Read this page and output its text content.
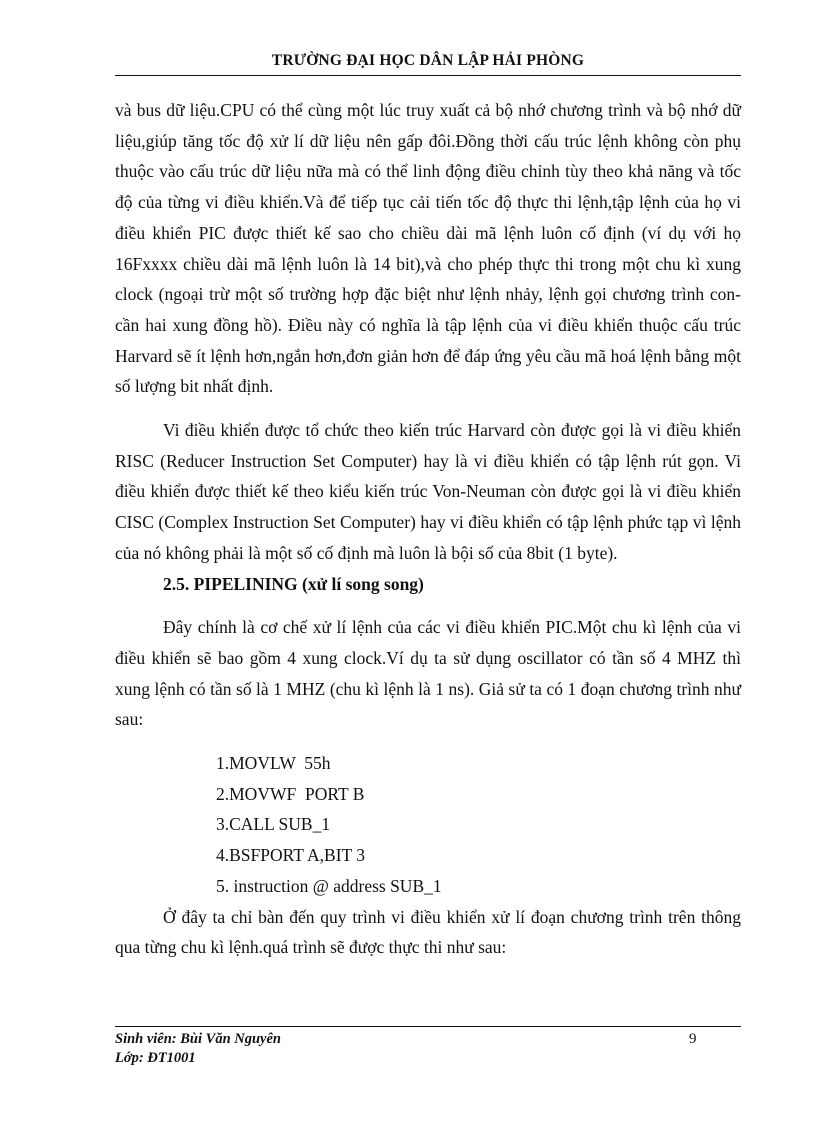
TRƯỜNG ĐẠI HỌC DÂN LẬP HẢI PHÒNG

và bus dữ liệu.CPU có thể cùng một lúc truy xuất cả bộ nhớ chương trình và bộ nhớ dữ liệu,giúp tăng tốc độ xử lí dữ liệu nên gấp đôi.Đồng thời cấu trúc lệnh không còn phụ thuộc vào cấu trúc dữ liệu nữa mà có thể linh động điều chỉnh tùy theo khả năng và tốc độ của từng vi điều khiển.Và để tiếp tục cải tiến tốc độ thực thi lệnh,tập lệnh của họ vi điều khiển PIC được thiết kế sao cho chiều dài mã lệnh luôn cố định (ví dụ với họ 16Fxxxx chiều dài mã lệnh luôn là 14 bit),và cho phép thực thi trong một chu kì xung clock (ngoại trừ một số trường hợp đặc biệt như lệnh nhảy, lệnh gọi chương trình con-cần hai xung đồng hồ). Điều này có nghĩa là tập lệnh của vi điều khiển thuộc cấu trúc Harvard sẽ ít lệnh hơn,ngắn hơn,đơn giản hơn để đáp ứng yêu cầu mã hoá lệnh bằng một số lượng bit nhất định.

Vi điều khiển được tổ chức theo kiến trúc Harvard còn được gọi là vi điều khiển RISC (Reducer Instruction Set Computer) hay là vi điều khiển có tập lệnh rút gọn. Vi điều khiển được thiết kế theo kiểu kiến trúc Von-Neuman còn được gọi là vi điều khiển CISC (Complex Instruction Set Computer) hay vi điều khiển có tập lệnh phức tạp vì lệnh của nó không phải là một số cố định mà luôn là bội số của 8bit (1 byte).

2.5. PIPELINING (xử lí song song)

Đây chính là cơ chế xử lí lệnh của các vi điều khiển PIC.Một chu kì lệnh của vi điều khiển sẽ bao gồm 4 xung clock.Ví dụ ta sử dụng oscillator có tần số 4 MHZ thì xung lệnh có tần số là 1 MHZ (chu kì lệnh là 1 ns). Giả sử ta có 1 đoạn chương trình như sau:

1.MOVLW  55h

2.MOVWF  PORT B

3.CALL SUB_1

4.BSFPORT A,BIT 3

5. instruction @ address SUB_1

Ở đây ta chỉ bàn đến quy trình vi điều khiển xử lí đoạn chương trình trên thông qua từng chu kì lệnh.quá trình sẽ được thực thi như sau:

Sinh viên: Bùi Văn Nguyên
Lớp: ĐT1001
9
